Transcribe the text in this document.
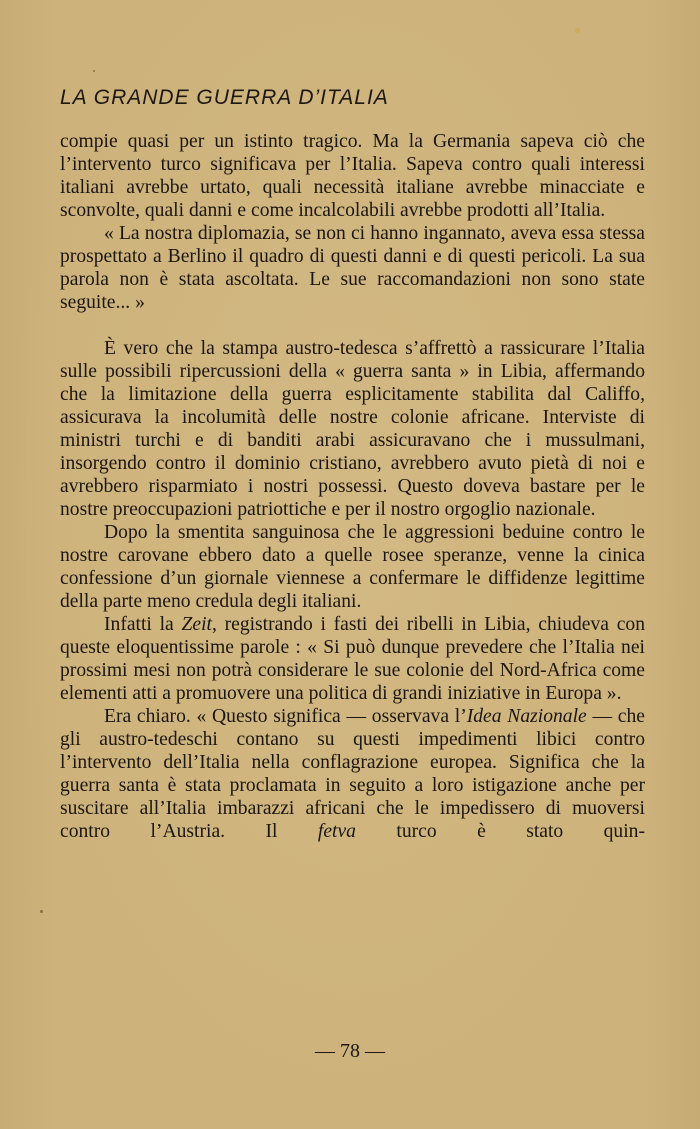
LA GRANDE GUERRA D’ITALIA

compie quasi per un istinto tragico. Ma la Germania sapeva ciò che l’intervento turco significava per l’Italia. Sapeva contro quali interessi italiani avrebbe urtato, quali necessità italiane avrebbe minacciate e sconvolte, quali danni e come incalcolabili avrebbe prodotti all’Italia.

« La nostra diplomazia, se non ci hanno ingannato, aveva essa stessa prospettato a Berlino il quadro di questi danni e di questi pericoli. La sua parola non è stata ascoltata. Le sue raccomandazioni non sono state seguite... »

È vero che la stampa austro-tedesca s’affrettò a rassicurare l’Italia sulle possibili ripercussioni della « guerra santa » in Libia, affermando che la limitazione della guerra esplicitamente stabilita dal Califfo, assicurava la incolumità delle nostre colonie africane. Interviste di ministri turchi e di banditi arabi assicuravano che i mussulmani, insorgendo contro il dominio cristiano, avrebbero avuto pietà di noi e avrebbero risparmiato i nostri possessi. Questo doveva bastare per le nostre preoccupazioni patriottiche e per il nostro orgoglio nazionale.

Dopo la smentita sanguinosa che le aggressioni beduine contro le nostre carovane ebbero dato a quelle rosee speranze, venne la cinica confessione d’un giornale viennese a confermare le diffidenze legittime della parte meno credula degli italiani.

Infatti la Zeit, registrando i fasti dei ribelli in Libia, chiudeva con queste eloquentissime parole : « Si può dunque prevedere che l’Italia nei prossimi mesi non potrà considerare le sue colonie del Nord-Africa come elementi atti a promuovere una politica di grandi iniziative in Europa ».

Era chiaro. « Questo significa — osservava l’Idea Nazionale — che gli austro-tedeschi contano su questi impedimenti libici contro l’intervento dell’Italia nella conflagrazione europea. Significa che la guerra santa è stata proclamata in seguito a loro istigazione anche per suscitare all’Italia imbarazzi africani che le impedissero di muoversi contro l’Austria. Il fetva turco è stato quin-

— 78 —
